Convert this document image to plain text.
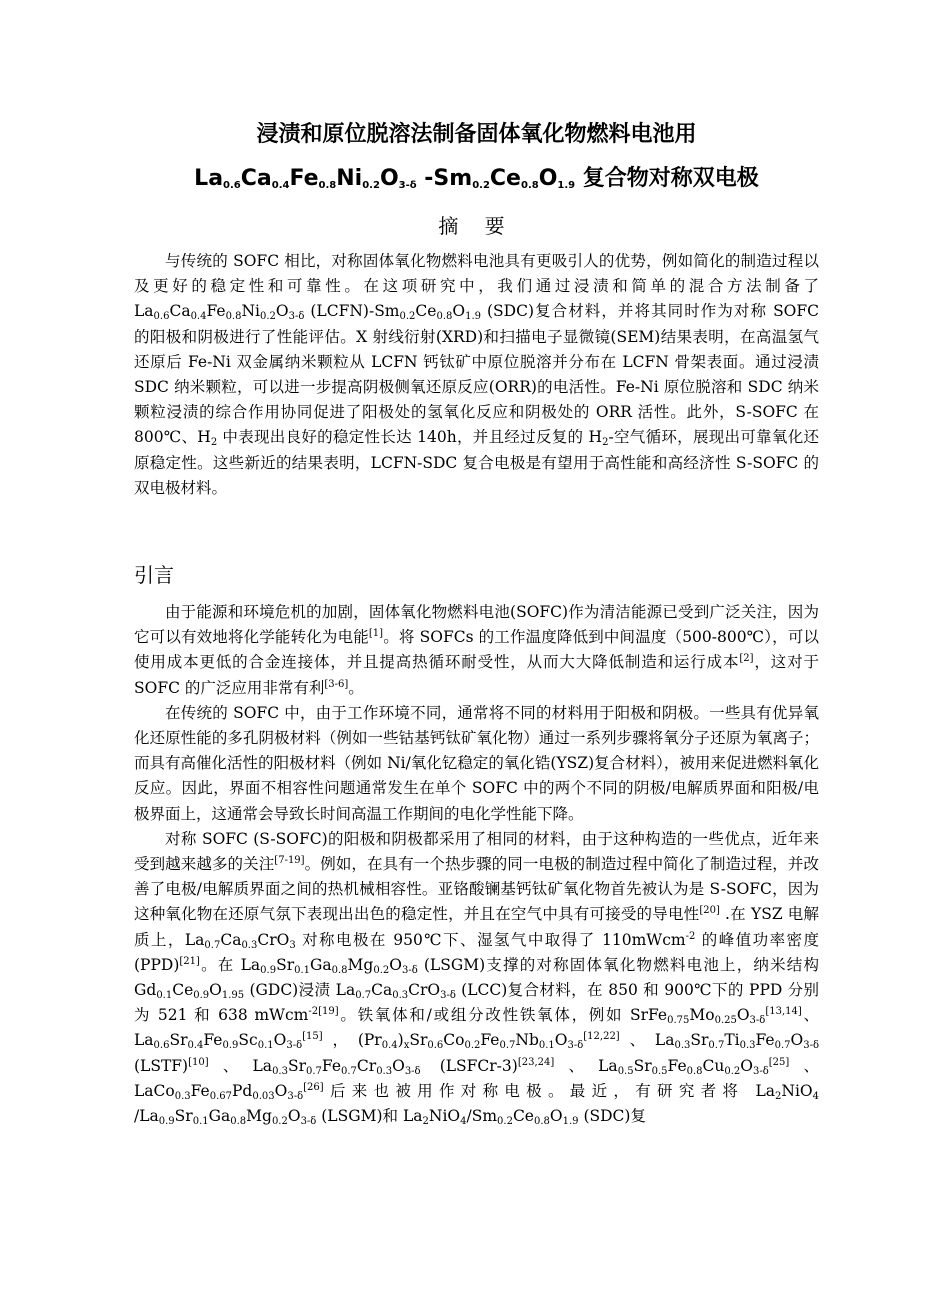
浸渍和原位脱溶法制备固体氧化物燃料电池用
$La_{0.6}Ca_{0.4}Fe_{0.8}Ni_{0.2}O_{3-\delta}$ $-Sm_{0.2}Ce_{0.8}O_{1.9}$ 复合物对称双电极
摘 要

与传统的 SOFC 相比，对称固体氧化物燃料电池具有更吸引人的优势，例如简化的制造过程以及更好的稳定性和可靠性。在这项研究中，我们通过浸渍和简单的混合方法制备了 $La_{0.6}Ca_{0.4}Fe_{0.8}Ni_{0.2}O_{3-\delta}$ $(LCFN)-Sm_{0.2}Ce_{0.8}O_{1.9}$ (SDC)复合材料，并将其同时作为对称 SOFC 的阳极和阴极进行了性能评估。X 射线衍射(XRD)和扫描电子显微镜(SEM)结果表明，在高温氢气还原后 Fe-Ni 双金属纳米颗粒从 LCFN 钙钛矿中原位脱溶并分布在 LCFN 骨架表面。通过浸渍 SDC 纳米颗粒，可以进一步提高阴极侧氧还原反应(ORR)的电活性。Fe-Ni 原位脱溶和 SDC 纳米颗粒浸渍的综合作用协同促进了阳极处的氢氧化反应和阴极处的 ORR 活性。此外，S-SOFC 在 800℃、$H_2$ 中表现出良好的稳定性长达 140h，并且经过反复的 $H_2-$空气循环，展现出可靠氧化还原稳定性。这些新近的结果表明，LCFN-SDC 复合电极是有望用于高性能和高经济性 S-SOFC 的双电极材料。

引言

由于能源和环境危机的加剧，固体氧化物燃料电池(SOFC)作为清洁能源已受到广泛关注，因为它可以有效地将化学能转化为电能[1]。将 SOFCs 的工作温度降低到中间温度（500-800℃），可以使用成本更低的合金连接体，并且提高热循环耐受性，从而大大降低制造和运行成本[2]，这对于 SOFC 的广泛应用非常有利[3-6]。

在传统的 SOFC 中，由于工作环境不同，通常将不同的材料用于阳极和阴极。一些具有优异氧化还原性能的多孔阴极材料（例如一些钴基钙钛矿氧化物）通过一系列步骤将氧分子还原为氧离子；而具有高催化活性的阳极材料（例如 Ni/氧化钇稳定的氧化锆(YSZ)复合材料），被用来促进燃料氧化反应。因此，界面不相容性问题通常发生在单个 SOFC 中的两个不同的阴极/电解质界面和阳极/电极界面上，这通常会导致长时间高温工作期间的电化学性能下降。

对称 SOFC (S-SOFC)的阳极和阴极都采用了相同的材料，由于这种构造的一些优点，近年来受到越来越多的关注[7-19]。例如，在具有一个热步骤的同一电极的制造过程中简化了制造过程，并改善了电极/电解质界面之间的热机械相容性。亚铬酸镧基钙钛矿氧化物首先被认为是 S-SOFC，因为这种氧化物在还原气氛下表现出出色的稳定性，并且在空气中具有可接受的导电性[20] .在 YSZ 电解质上，$La_{0.7}Ca_{0.3}CrO_3$ 对称电极在 950℃下、湿氢气中取得了 110mWcm$^{-2}$ 的峰值功率密度(PPD)[21]。在 $La_{0.9}Sr_{0.1}Ga_{0.8}Mg_{0.2}O_{3-\delta}$ (LSGM)支撑的对称固体氧化物燃料电池上，纳米结构 $Gd_{0.1}Ce_{0.9}O_{1.95}$ (GDC)浸渍 $La_{0.7}Ca_{0.3}CrO_{3-\delta}$ (LCC)复合材料，在 850 和 900℃下的 PPD 分别为 521 和 638 mWcm$^{-2[19]}$。铁氧体和/或组分改性铁氧体，例如 $SrFe_{0.75}Mo_{0.25}O_{3-\delta}[13,14]$、$La_{0.6}Sr_{0.4}Fe_{0.9}Sc_{0.1}O_{3-\delta}[15]$，$(Pr_{0.4})_xSr_{0.6}Co_{0.2}Fe_{0.7}Nb_{0.1}O_{3-\delta}[12,22]$、$La_{0.3}Sr_{0.7}Ti_{0.3}Fe_{0.7}O_{3-\delta}$ (LSTF)[10]、$La_{0.3}Sr_{0.7}Fe_{0.7}Cr_{0.3}O_{3-\delta}$ (LSFCr-3)[23,24]、$La_{0.5}Sr_{0.5}Fe_{0.8}Cu_{0.2}O_{3-\delta}[25]$、$LaCo_{0.3}Fe_{0.67}Pd_{0.03}O_{3-\delta}[26]$后来也被用作对称电极。最近，有研究者将 $La_2NiO_4$ $/La_{0.9}Sr_{0.1}Ga_{0.8}Mg_{0.2}O_{3-\delta}$ (LSGM)和 $La_2NiO_4/Sm_{0.2}Ce_{0.8}O_{1.9}$ (SDC)复
